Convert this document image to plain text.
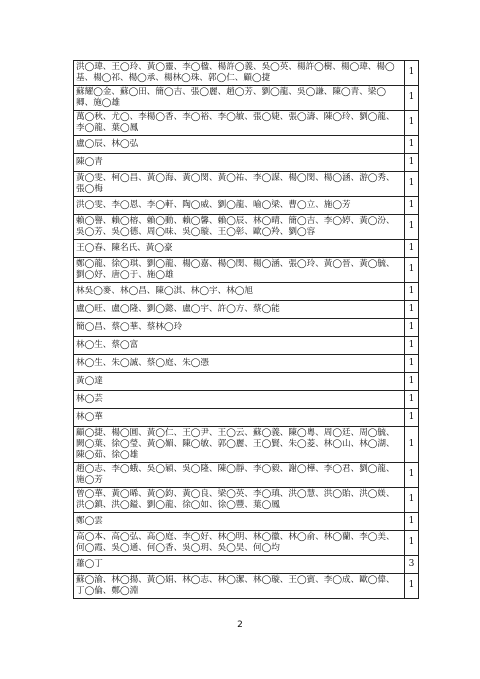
洪◯瑋、王◯玲、黃◯靈、李◯楹、楊許◯義、吳◯英、楊許◯樹、楊◯瑋、楊◯基、楊◯祁、楊◯承、楊林◯珠、郭◯仁、顧◯捷	1
蘇耀◯金、蘇◯田、簡◯吉、張◯麗、趙◯芳、劉◯龍、吳◯謙、陳◯青、梁◯卿、施◯雄	1
萬◯秋、尤◯、李楊◯香、李◯裕、李◯敏、張◯婕、張◯濤、陳◯玲、劉◯龍、李◯龍、葉◯鳳	1
盧◯辰、林◯弘	1
陳◯青	1
黃◯雯、柯◯昌、黃◯海、黃◯閔、黃◯祐、李◯謀、楊◯閔、楊◯涵、游◯秀、張◯梅	1
洪◯雯、李◯恩、李◯軒、陶◯威、劉◯龍、喻◯梁、曹◯立、施◯芳	1
賴◯譽、賴◯榕、賴◯動、賴◯馨、賴◯辰、林◯晴、簡◯吉、李◯婷、黃◯汾、吳◯芳、吳◯德、周◯味、吳◯璇、王◯彰、歐◯羚、劉◯容	1
王◯春、陳名氏、黃◯豪	1
鄭◯龍、徐◯琪、劉◯龍、楊◯嘉、楊◯閔、楊◯涵、張◯玲、黃◯晉、黃◯毓、劉◯妤、唐◯于、施◯雄	1
林吳◯麥、林◯昌、陳◯淇、林◯宇、林◯旭	1
盧◯旺、盧◯隆、劉◯懿、盧◯宇、許◯方、蔡◯能	1
簡◯昌、蔡◯華、蔡林◯玲	1
林◯生、蔡◯富	1
林◯生、朱◯誠、蔡◯庭、朱◯憑	1
黃◯達	1
林◯芸	1
林◯華	1
顧◯捷、楊◯圓、黃◯仁、王◯尹、王◯云、蘇◯義、陳◯粵、周◯廷、周◯毓、闕◯葉、徐◯瑩、黃◯媚、陳◯敏、郭◯麗、王◯賢、朱◯菱、林◯山、林◯湖、陳◯茹、徐◯雄	1
趙◯志、李◯蛾、吳◯穎、吳◯隆、陳◯靜、李◯毅、謝◯樺、李◯君、劉◯龍、施◯芳	1
曾◯華、黃◯晞、黃◯鈞、黃◯良、梁◯英、李◯瑱、洪◯慧、洪◯貽、洪◯媄、洪◯鎮、洪◯鎰、劉◯龍、徐◯如、徐◯豐、葉◯鳳	1
鄭◯雲	1
高◯本、高◯弘、高◯庭、李◯好、林◯明、林◯徽、林◯俞、林◯蘭、李◯美、何◯霞、吳◯通、何◯香、吳◯玥、吳◯昊、何◯均	1
蕭◯丁	3
蘇◯渝、林◯揚、黃◯娟、林◯志、林◯潔、林◯璇、王◯賓、李◯成、歐◯偉、丁◯倫、鄭◯淵	1
2
